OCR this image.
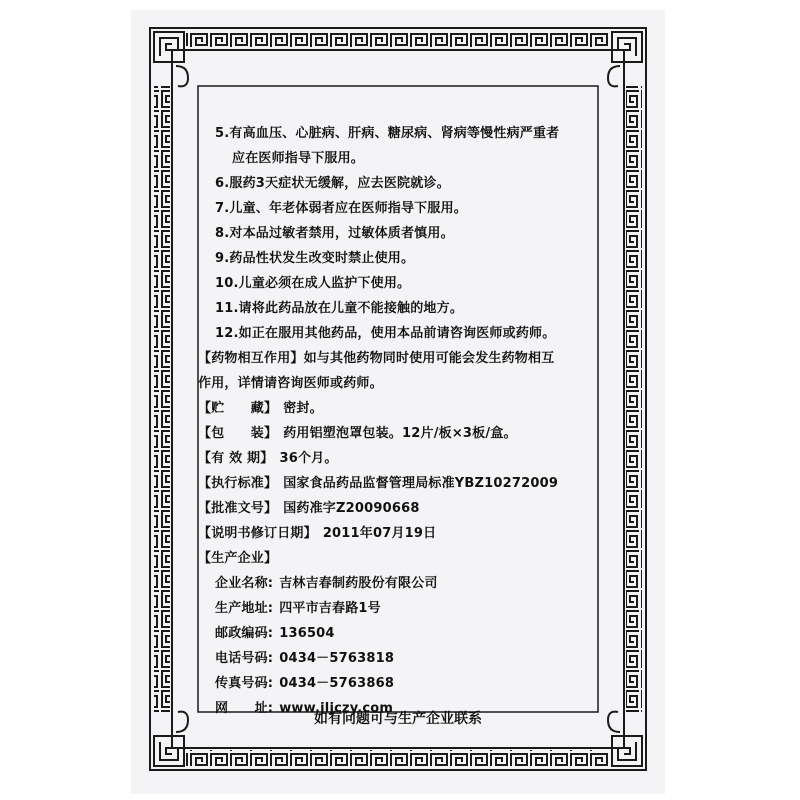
5.有高血压、心脏病、肝病、糖尿病、肾病等慢性病严重者
应在医师指导下服用。
6.服药3天症状无缓解，应去医院就诊。
7.儿童、年老体弱者应在医师指导下服用。
8.对本品过敏者禁用，过敏体质者慎用。
9.药品性状发生改变时禁止使用。
10.儿童必须在成人监护下使用。
11.请将此药品放在儿童不能接触的地方。
12.如正在服用其他药品，使用本品前请咨询医师或药师。
【药物相互作用】如与其他药物同时使用可能会发生药物相互
作用，详情请咨询医师或药师。
【贮　　藏】 密封。
【包　　装】 药用铝塑泡罩包装。12片/板×3板/盒。
【有 效 期】 36个月。
【执行标准】 国家食品药品监督管理局标准YBZ10272009
【批准文号】 国药准字Z20090668
【说明书修订日期】 2011年07月19日
【生产企业】
企业名称: 吉林吉春制药股份有限公司
生产地址: 四平市吉春路1号
邮政编码: 136504
电话号码: 0434－5763818
传真号码: 0434－5763868
网　　址: www.jljczy.com
如有问题可与生产企业联系
